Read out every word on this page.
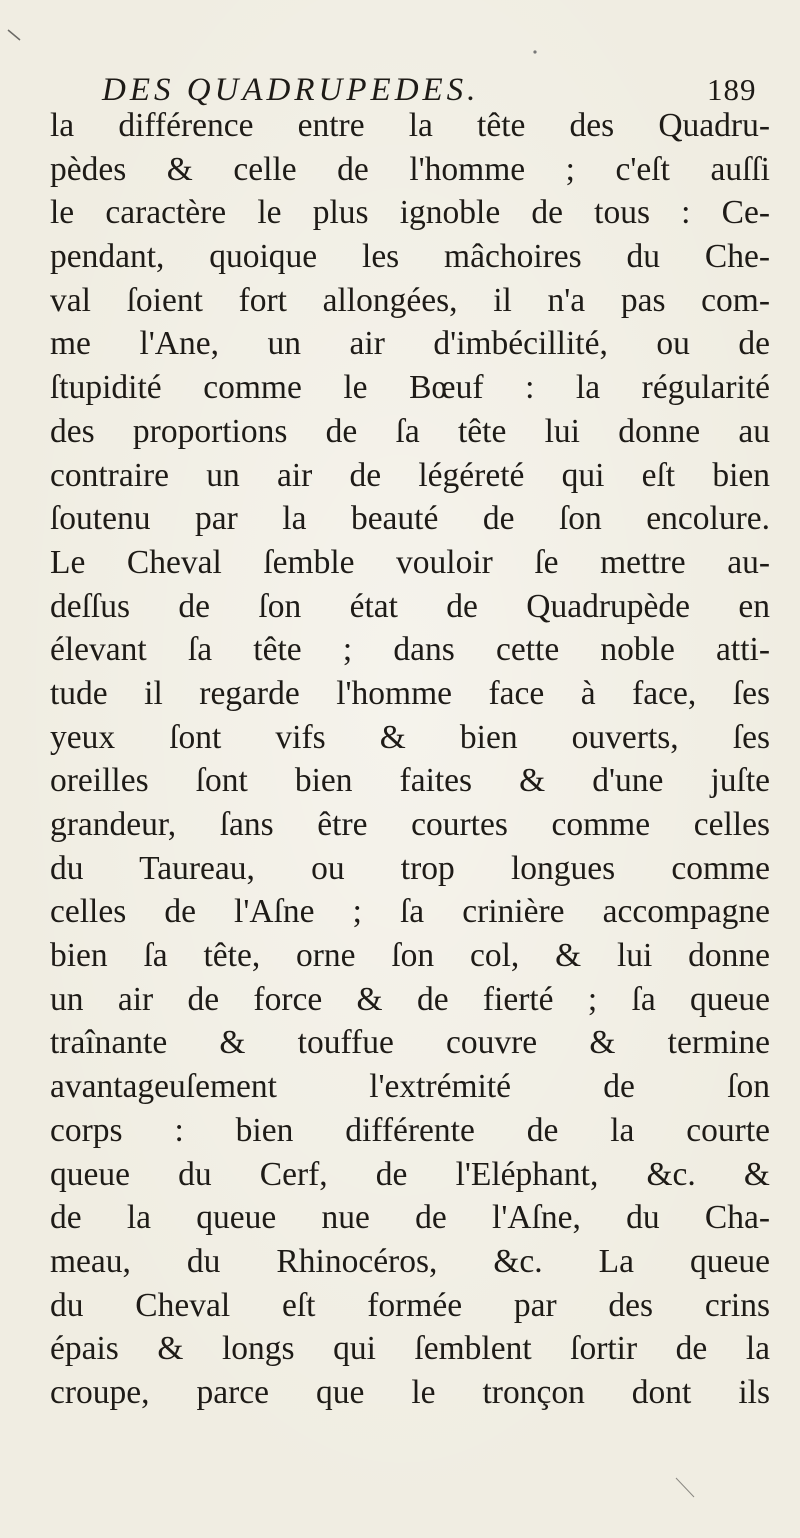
DES QUADRUPEDES.	189
la différence entre la tête des Quadru-
pèdes & celle de l'homme ; c'eſt auſſi
le caractère le plus ignoble de tous : Ce-
pendant, quoique les mâchoires du Che-
val ſoient fort allongées, il n'a pas com-
me l'Ane, un air d'imbécillité, ou de
ſtupidité comme le Bœuf : la régularité
des proportions de ſa tête lui donne au
contraire un air de légéreté qui eſt bien
ſoutenu par la beauté de ſon encolure.
Le Cheval ſemble vouloir ſe mettre au-
deſſus de ſon état de Quadrupède en
élevant ſa tête ; dans cette noble atti-
tude il regarde l'homme face à face, ſes
yeux ſont vifs & bien ouverts, ſes
oreilles ſont bien faites & d'une juſte
grandeur, ſans être courtes comme celles
du Taureau, ou trop longues comme
celles de l'Aſne ; ſa crinière accompagne
bien ſa tête, orne ſon col, & lui donne
un air de force & de fierté ; ſa queue
traînante & touffue couvre & termine
avantageuſement l'extrémité de ſon
corps : bien différente de la courte
queue du Cerf, de l'Eléphant, &c. &
de la queue nue de l'Aſne, du Cha-
meau, du Rhinocéros, &c. La queue
du Cheval eſt formée par des crins
épais & longs qui ſemblent ſortir de la
croupe, parce que le tronçon dont ils
